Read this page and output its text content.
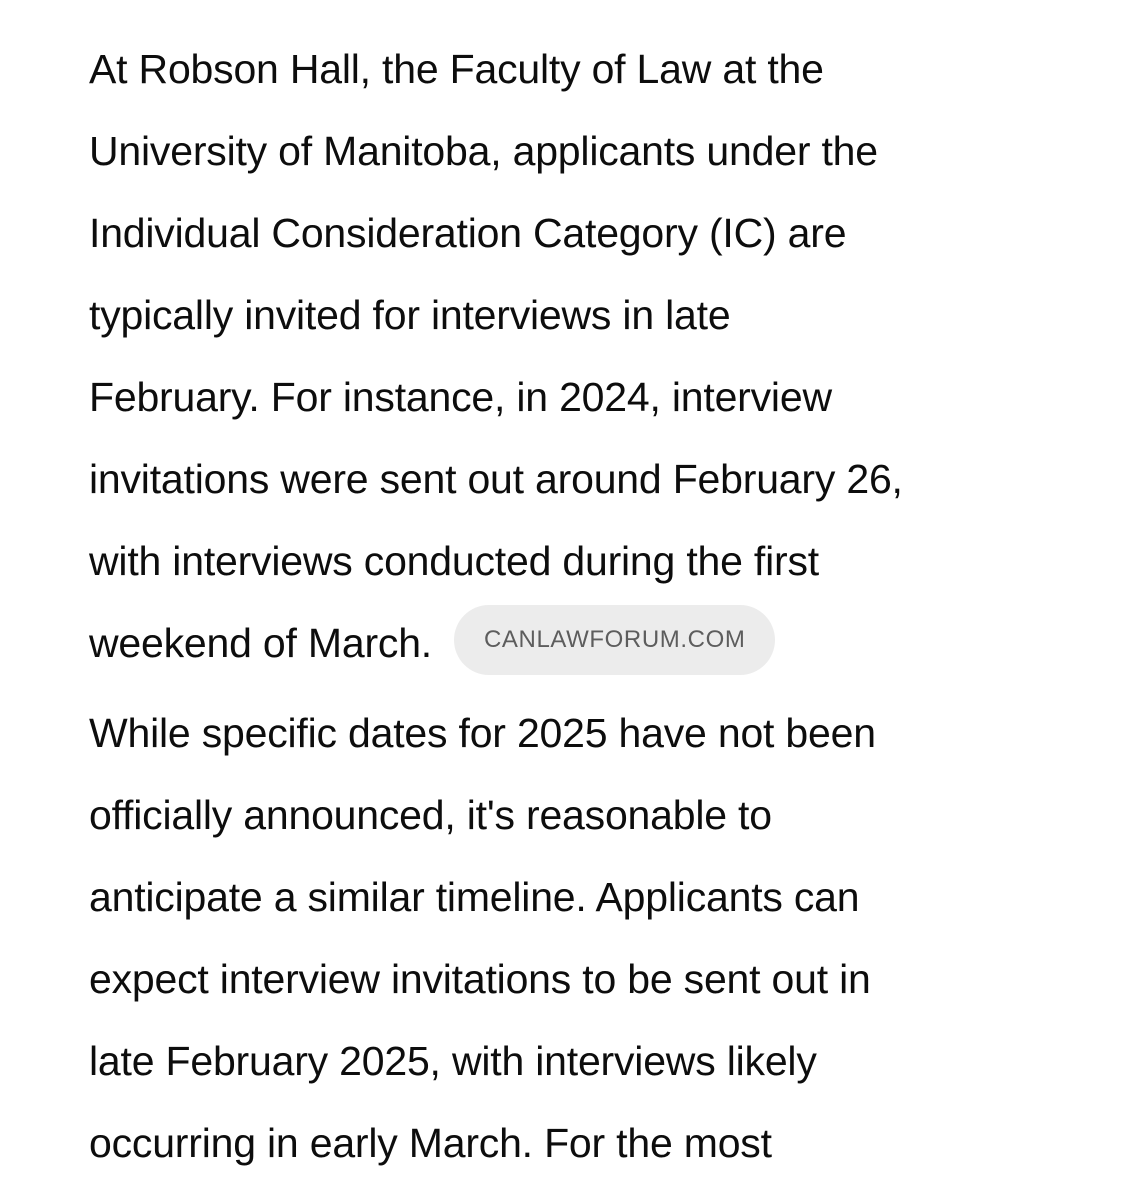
At Robson Hall, the Faculty of Law at the
University of Manitoba, applicants under the
Individual Consideration Category (IC) are
typically invited for interviews in late
February. For instance, in 2024, interview
invitations were sent out around February 26,
with interviews conducted during the first
weekend of March. CANLAWFORUM.COM
While specific dates for 2025 have not been
officially announced, it's reasonable to
anticipate a similar timeline. Applicants can
expect interview invitations to be sent out in
late February 2025, with interviews likely
occurring in early March. For the most
